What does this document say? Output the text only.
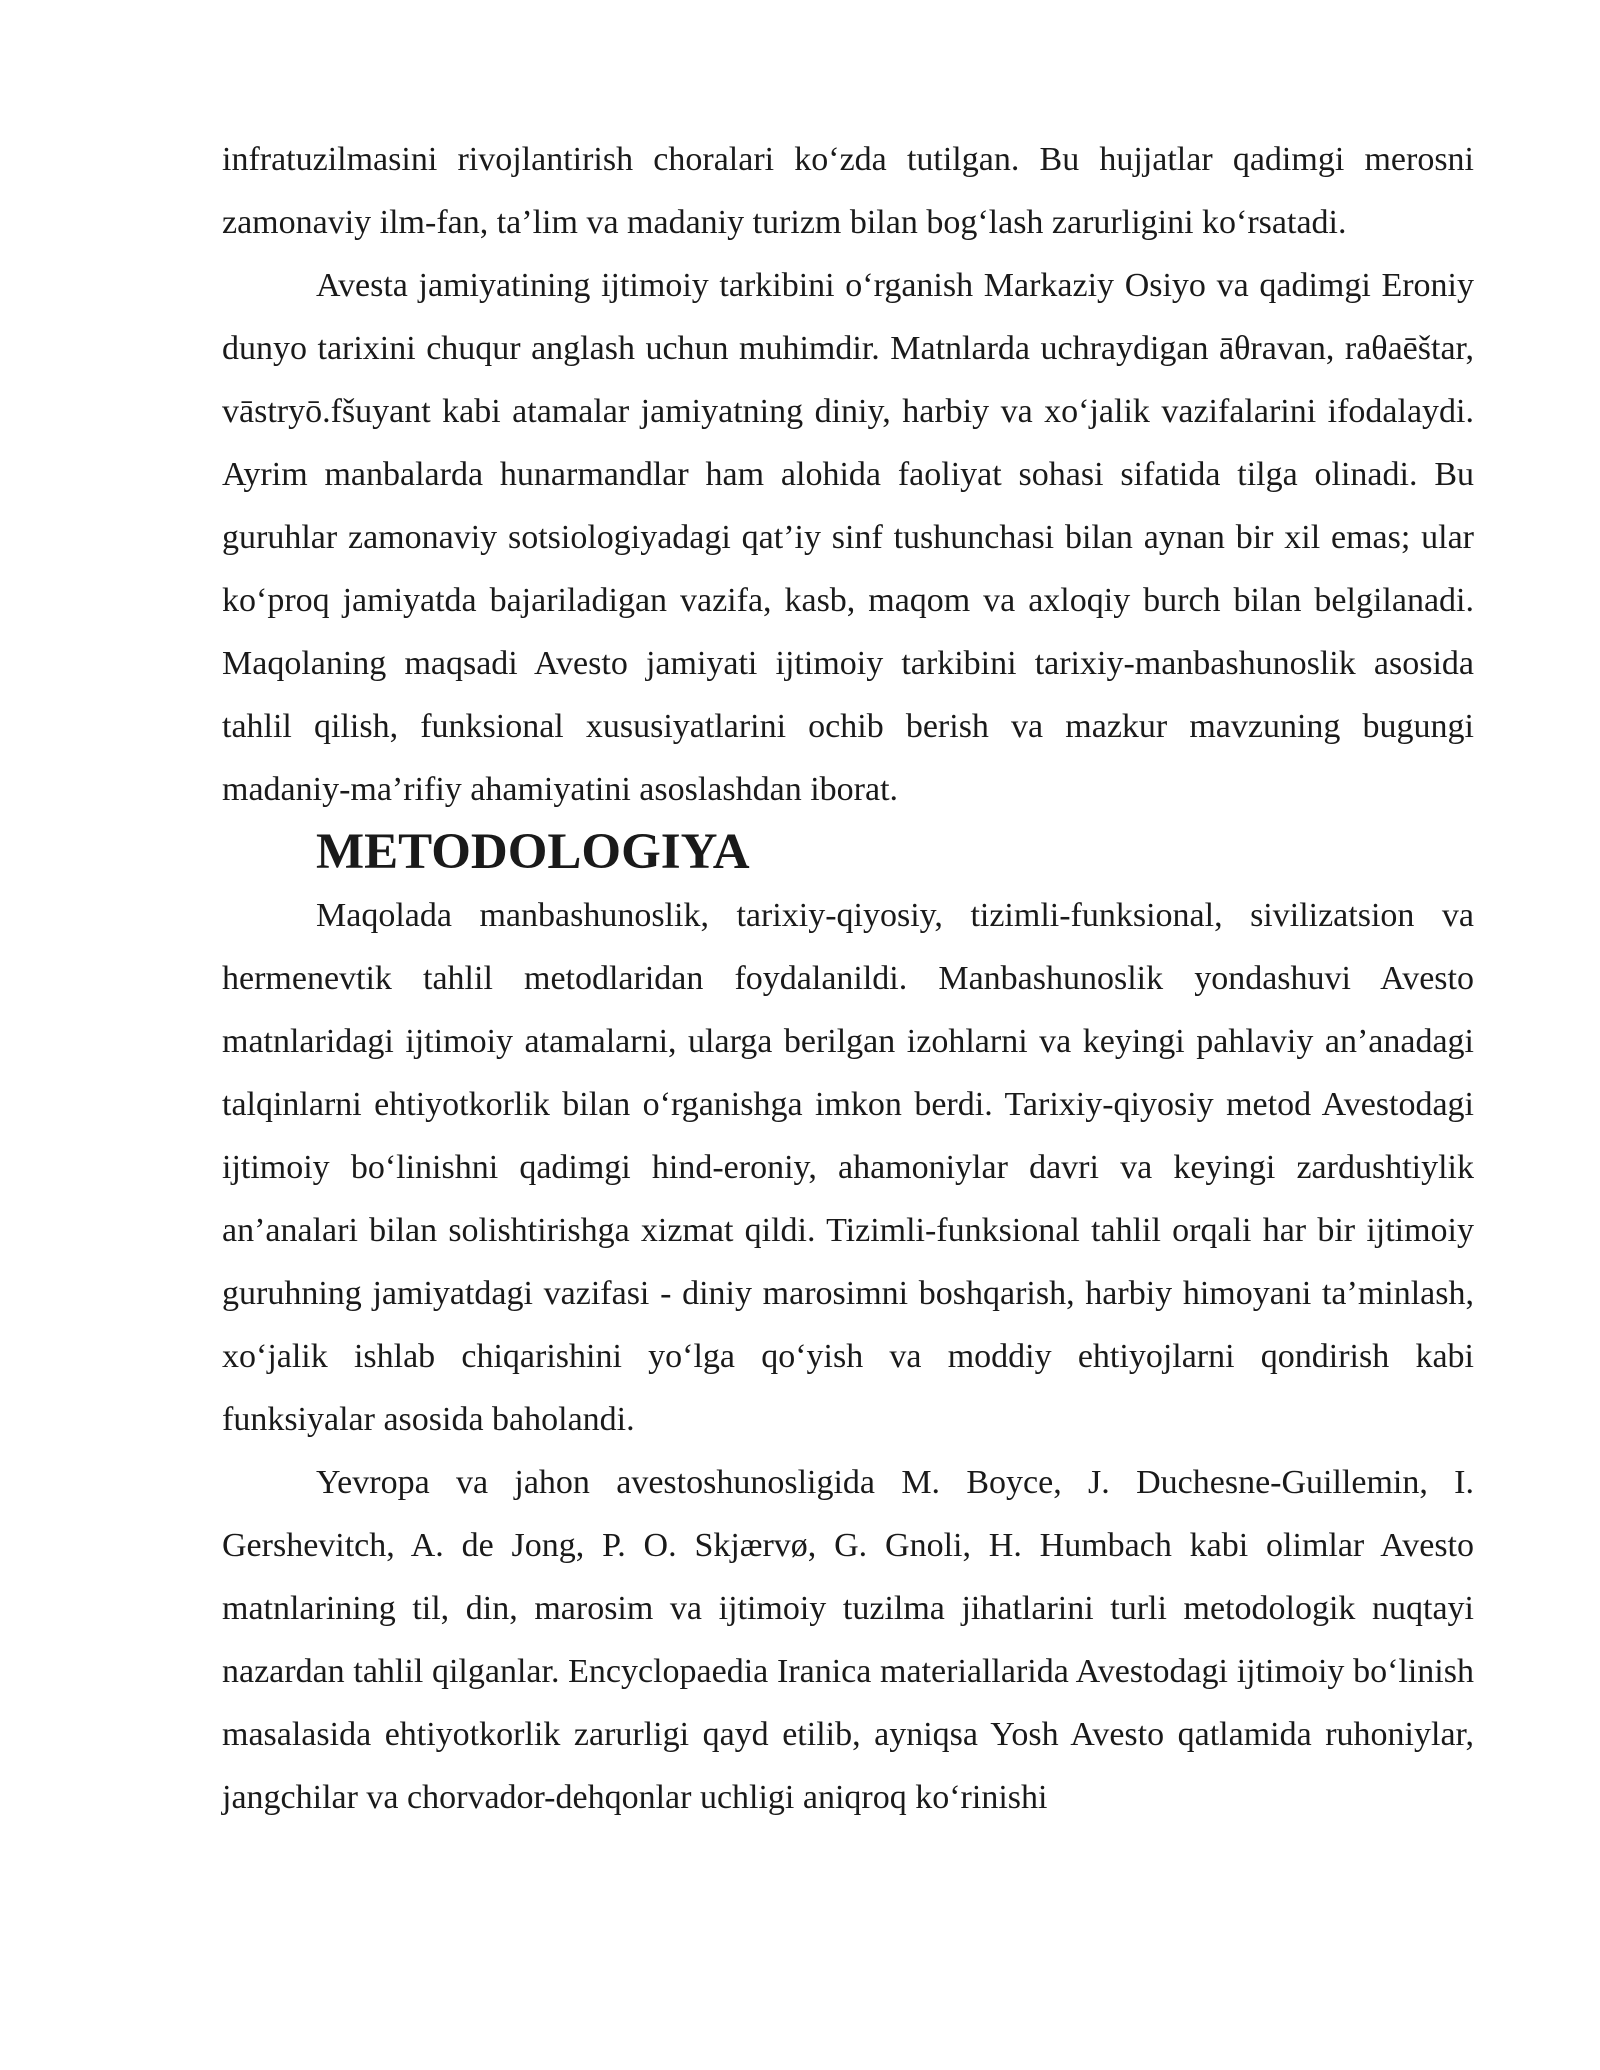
infratuzilmasini rivojlantirish choralari ko‘zda tutilgan. Bu hujjatlar qadimgi merosni zamonaviy ilm-fan, ta’lim va madaniy turizm bilan bog‘lash zarurligini ko‘rsatadi.

Avesta jamiyatining ijtimoiy tarkibini o‘rganish Markaziy Osiyo va qadimgi Eroniy dunyo tarixini chuqur anglash uchun muhimdir. Matnlarda uchraydigan āθravan, raθaēštar, vāstryō.fšuyant kabi atamalar jamiyatning diniy, harbiy va xo‘jalik vazifalarini ifodalaydi. Ayrim manbalarda hunarmandlar ham alohida faoliyat sohasi sifatida tilga olinadi. Bu guruhlar zamonaviy sotsiologiyadagi qat’iy sinf tushunchasi bilan aynan bir xil emas; ular ko‘proq jamiyatda bajariladigan vazifa, kasb, maqom va axloqiy burch bilan belgilanadi. Maqolaning maqsadi Avesto jamiyati ijtimoiy tarkibini tarixiy-manbashunoslik asosida tahlil qilish, funksional xususiyatlarini ochib berish va mazkur mavzuning bugungi madaniy-ma’rifiy ahamiyatini asoslashdan iborat.

METODOLOGIYA

Maqolada manbashunoslik, tarixiy-qiyosiy, tizimli-funksional, sivilizatsion va hermenevtik tahlil metodlaridan foydalanildi. Manbashunoslik yondashuvi Avesto matnlaridagi ijtimoiy atamalarni, ularga berilgan izohlarni va keyingi pahlaviy an’anadagi talqinlarni ehtiyotkorlik bilan o‘rganishga imkon berdi. Tarixiy-qiyosiy metod Avestodagi ijtimoiy bo‘linishni qadimgi hind-eroniy, ahamoniylar davri va keyingi zardushtiylik an’analari bilan solishtirishga xizmat qildi. Tizimli-funksional tahlil orqali har bir ijtimoiy guruhning jamiyatdagi vazifasi - diniy marosimni boshqarish, harbiy himoyani ta’minlash, xo‘jalik ishlab chiqarishini yo‘lga qo‘yish va moddiy ehtiyojlarni qondirish kabi funksiyalar asosida baholandi.

Yevropa va jahon avestoshunosligida M. Boyce, J. Duchesne-Guillemin, I. Gershevitch, A. de Jong, P. O. Skjærvø, G. Gnoli, H. Humbach kabi olimlar Avesto matnlarining til, din, marosim va ijtimoiy tuzilma jihatlarini turli metodologik nuqtayi nazardan tahlil qilganlar. Encyclopaedia Iranica materiallarida Avestodagi ijtimoiy bo‘linish masalasida ehtiyotkorlik zarurligi qayd etilib, ayniqsa Yosh Avesto qatlamida ruhoniylar, jangchilar va chorvador-dehqonlar uchligi aniqroq ko‘rinishi
